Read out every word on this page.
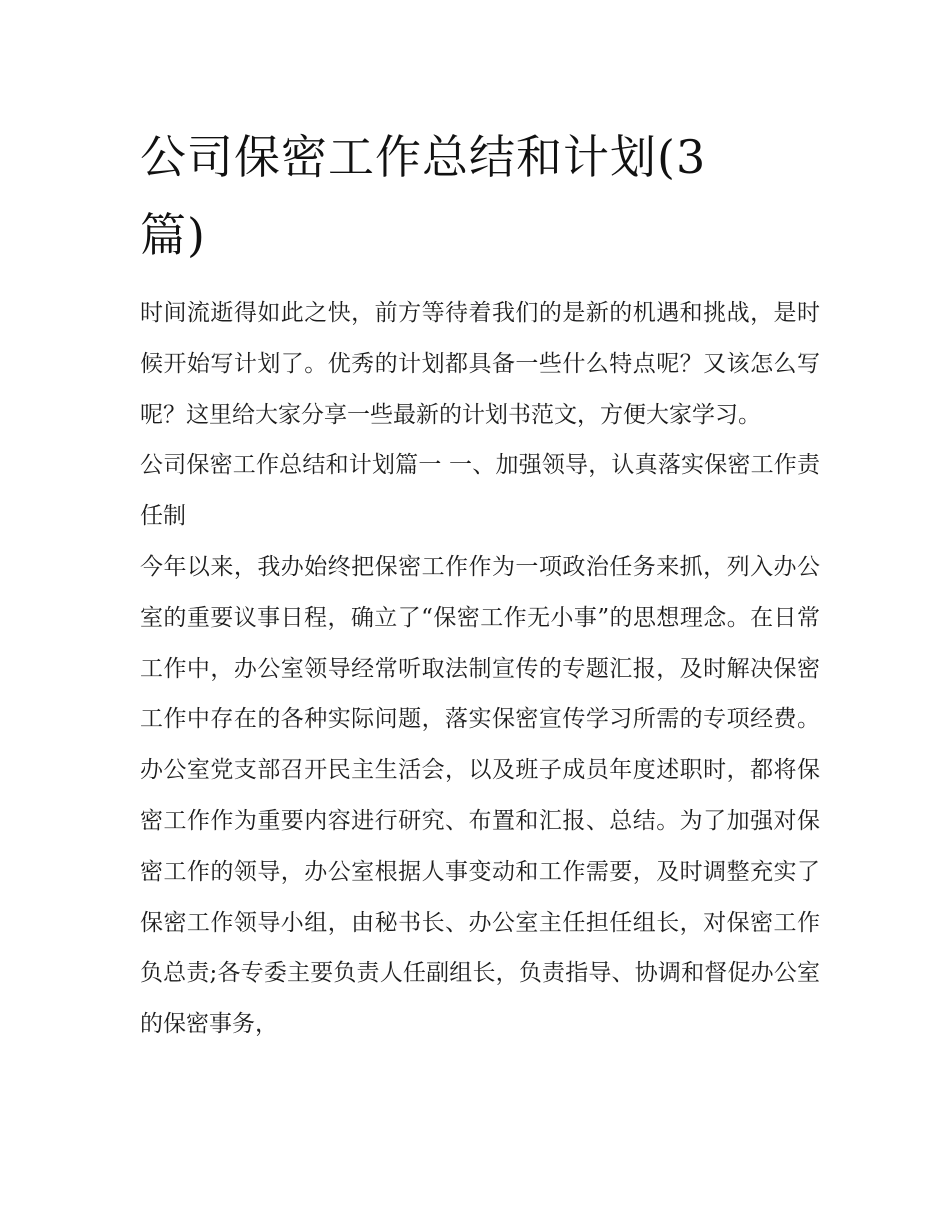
公司保密工作总结和计划(3篇)

时间流逝得如此之快，前方等待着我们的是新的机遇和挑战，是时候开始写计划了。优秀的计划都具备一些什么特点呢？又该怎么写呢？这里给大家分享一些最新的计划书范文，方便大家学习。

公司保密工作总结和计划篇一 一、加强领导，认真落实保密工作责任制

今年以来，我办始终把保密工作作为一项政治任务来抓，列入办公室的重要议事日程，确立了“保密工作无小事”的思想理念。在日常工作中，办公室领导经常听取法制宣传的专题汇报，及时解决保密工作中存在的各种实际问题，落实保密宣传学习所需的专项经费。办公室党支部召开民主生活会，以及班子成员年度述职时，都将保密工作作为重要内容进行研究、布置和汇报、总结。为了加强对保密工作的领导，办公室根据人事变动和工作需要，及时调整充实了保密工作领导小组，由秘书长、办公室主任担任组长，对保密工作负总责;各专委主要负责人任副组长，负责指导、协调和督促办公室的保密事务，
